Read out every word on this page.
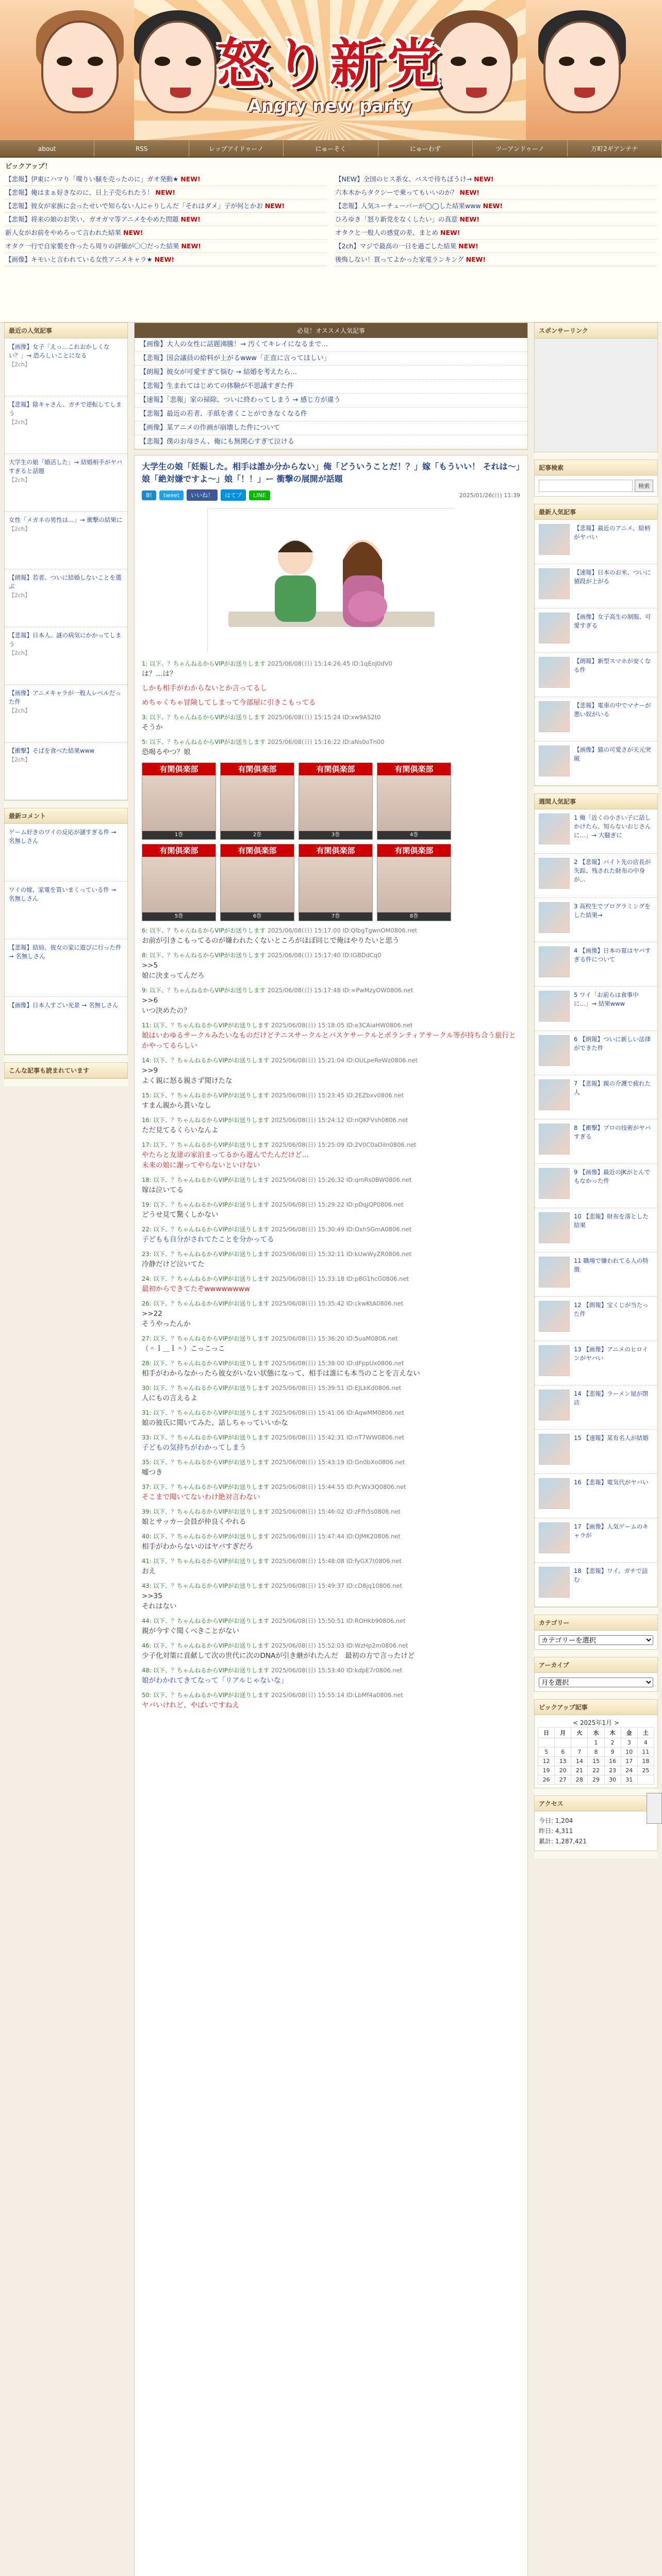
怒り新党
Angry new party
about	RSS	レップアイドゥーノ	にゅーそく	にゅーわず	ツーアンドゥーノ	万町2ギアンテナ
ピックアップ！
【悲報】伊東にハマり「喋りい騒を売ったのに」ガオ発動★ NEW!
【悲報】俺はまぁ好きなのに、日上子売られたう！ NEW!
【悲報】彼女が家族に会ったせいで知らない人にゃりしんだ「それはダメ」子が何とかお NEW!
【悲報】将来の娘のお笑い、ガオガマ等アニメをやめた問題 NEW!
新人女がお前をやめろって言われた結果 NEW!
オタク一行で自家製を作ったら周りの評価が〇〇だった結果 NEW!
【画像】キモいと言われている女性アニメキャラ★ NEW!
【NEW】全国のヒス系女、バスで待ちぼうけ→ NEW!
六本木からタクシーで乗ってもいいのか？ NEW!
【悲報】人気ユーチューバーが◯◯した結果www NEW!
ひろゆき「怒り新党をなくしたい」の真意 NEW!
オタクと一般人の感覚の差、まとめ NEW!
【2ch】マジで最高の一日を過ごした結果 NEW!
後悔しない！買ってよかった家電ランキング NEW!
最近の人気記事
【画像】女子「えっ…これおかしくない？」→ 恐ろしいことになる
【2ch】
【悲報】陰キャさん、ガチで逆転してしまう
【2ch】
大学生の娘「婚活した」→ 結婚相手がヤバすぎると話題
【2ch】
女性「メガネの男性は…」→ 衝撃の結果に
【2ch】
【朗報】若者、ついに結婚しないことを選ぶ
【2ch】
【悲報】日本人、謎の病気にかかってしまう
【2ch】
【画像】アニメキャラが一般人レベルだった件
【2ch】
【衝撃】そばを食べた結果www
【2ch】
最新コメント
ゲーム好きのワイの反応が謎すぎる件 → 名無しさん
ワイの嫁、家電を買いまくっている件 → 名無しさん
【悲報】結局、彼女の家に遊びに行った件 → 名無しさん
【画像】日本人すごい光景 → 名無しさん
こんな記事も読まれています
必見！オススメ人気記事
【画像】大人の女性に話題沸騰！→ 汚くてキレイになるまで…
【悲報】国会議員の給料が上がるwww「正直に言ってほしい」
【朗報】彼女が可愛すぎて悩む → 結婚を考えたら…
【悲報】生まれてはじめての体験が不思議すぎた件
【速報】「悲報」家の掃除、ついに終わってしまう → 感じ方が違う
【悲報】最近の若者、手紙を書くことができなくなる件
【画像】某アニメの作画が崩壊した件について
【悲報】僕のお母さん、俺にも無関心すぎて泣ける
大学生の娘「妊娠した。相手は誰か分からない」俺「どういうことだ！？」嫁「もういい！ それは～」娘「絶対嫌ですよ～」娘「！！」ー 衝撃の展開が話題
B!	tweet	いいね！	はてブ	LINE	2025/01/26(日) 11:39
1: 以下、？ちゃんねるからVIPがお送りします 2025/06/08(日) 15:14:26.45 ID:1qEoJ0dV0
は？…は？
しかも相手がわからないとか言ってるし
めちゃくちゃ冒険してしまって今部屋に引きこもってる
3: 以下、？ちゃんねるからVIPがお送りします 2025/06/08(日) 15:15:24 ID:xw9AS2t0
そうか
5: 以下、？ちゃんねるからVIPがお送りします 2025/06/08(日) 15:16:22 ID:aNs0oTn00
恐喝るやつ？娘
有閑俱楽部
1巻
有閑俱楽部
2巻
有閑俱楽部
3巻
有閑俱楽部
4巻
有閑俱楽部
5巻
有閑俱楽部
6巻
有閑俱楽部
7巻
有閑俱楽部
8巻
6: 以下、？ちゃんねるからVIPがお送りします 2025/06/08(日) 15:17:00 ID:QlbgTgwnOM0806.net
お前が引きこもってるのが嫌われたくないところがほぼ同じで俺はやりたいと思う
8: 以下、？ちゃんねるからVIPがお送りします 2025/06/08(日) 15:17:40 ID:IGBDdCq0
>>5
娘に決まってんだろ
9: 以下、？ちゃんねるからVIPがお送りします 2025/06/08(日) 15:17:48 ID:=PwMzyOW0806.net
>>6
いつ決めたの？
11: 以下、？ちゃんねるからVIPがお送りします 2025/06/08(日) 15:18:05 ID:e3CAiaHW0806.net
娘はいわゆるサークルみたいなものだけどテニスサークルとバスケサークルとボランティアサークル等が持ち合う旅行とかやってるらしい
14: 以下、？ちゃんねるからVIPがお送りします 2025/06/08(日) 15:21:04 ID:OULpeReWz0806.net
>>9
よく親に怒る親さず聞けたな
15: 以下、？ちゃんねるからVIPがお送りします 2025/06/08(日) 15:23:45 ID:2EZbxv0806.net
すまん親から貰いなし
16: 以下、？ちゃんねるからVIPがお送りします 2025/06/08(日) 15:24:12 ID:nQKFVsh0806.net
ただ見てるくらいなんよ
17: 以下、？ちゃんねるからVIPがお送りします 2025/06/08(日) 15:25:09 ID:2V0C0aDiIn0806.net
やたらと友達の家泊まってるから遊んでたんだけど…
未来の娘に謝ってやらないといけない
18: 以下、？ちゃんねるからVIPがお送りします 2025/06/08(日) 15:26:32 ID:qmRs0BW0806.net
嫁は泣いてる
19: 以下、？ちゃんねるからVIPがお送りします 2025/06/08(日) 15:29:22 ID:pDqJQP0806.net
どうせ見て驚くしかない
22: 以下、？ちゃんねるからVIPがお送りします 2025/06/08(日) 15:30:49 ID:OxhSGmA0806.net
子どもも自分がされてたことを分かってる
23: 以下、？ちゃんねるからVIPがお送りします 2025/06/08(日) 15:32:11 ID:kUwWyZR0806.net
冷静だけど泣いてた
24: 以下、？ちゃんねるからVIPがお送りします 2025/06/08(日) 15:33:18 ID:p8G1hcG0806.net
最初からできてたぞwwwwwwww
26: 以下、？ちゃんねるからVIPがお送りします 2025/06/08(日) 15:35:42 ID:ckwKtA0806.net
>>22
そうやったんか
27: 以下、？ちゃんねるからVIPがお送りします 2025/06/08(日) 15:36:20 ID:5uaM0806.net
（＾ｌ＿ｌ＾）こっこっこ
28: 以下、？ちゃんねるからVIPがお送りします 2025/06/08(日) 15:38:00 ID:dFppUx0806.net
相手がわからなかったら彼女がいない状態になって、相手は誰にも本当のことを言えない
30: 以下、？ちゃんねるからVIPがお送りします 2025/06/08(日) 15:39:51 ID:EJLkKd0806.net
人にもの言えるよ
31: 以下、？ちゃんねるからVIPがお送りします 2025/06/08(日) 15:41:06 ID:AqwMM0806.net
娘の彼氏に聞いてみた、話しちゃっていいかな
33: 以下、？ちゃんねるからVIPがお送りします 2025/06/08(日) 15:42:31 ID:nT7WW0806.net
子どもの気持ちがわかってしまう
35: 以下、？ちゃんねるからVIPがお送りします 2025/06/08(日) 15:43:19 ID:Gn0bXo0806.net
嘘つき
37: 以下、？ちゃんねるからVIPがお送りします 2025/06/08(日) 15:44:55 ID:PcWx3Q0806.net
そこまで聞いてないわけ絶対言わない
39: 以下、？ちゃんねるからVIPがお送りします 2025/06/08(日) 15:46:02 ID:zFfh5s0806.net
娘とサッカー会員が仲良くやれる
40: 以下、？ちゃんねるからVIPがお送りします 2025/06/08(日) 15:47:44 ID:OJMK20806.net
相手がわからないのはヤバすぎだろ
41: 以下、？ちゃんねるからVIPがお送りします 2025/06/08(日) 15:48:08 ID:fyGX7t0806.net
おえ
43: 以下、？ちゃんねるからVIPがお送りします 2025/06/08(日) 15:49:37 ID:cD8jq10806.net
>>35
それはない
44: 以下、？ちゃんねるからVIPがお送りします 2025/06/08(日) 15:50:51 ID:ROHkb90806.net
親が今すぐ聞くべきことがない
46: 以下、？ちゃんねるからVIPがお送りします 2025/06/08(日) 15:52:03 ID:WzHp2m0806.net
少子化対策に貢献して次の世代に次のDNAが引き継がれたんだ　最初の方で言ったけど
48: 以下、？ちゃんねるからVIPがお送りします 2025/06/08(日) 15:53:40 ID:kdpE7r0806.net
娘がわかれてきてなって「リアルじゃないな」
50: 以下、？ちゃんねるからVIPがお送りします 2025/06/08(日) 15:55:14 ID:LbMf4a0806.net
ヤバいけれど、やばいですねえ
スポンサーリンク
記事検索
検索
最新人気記事
【悲報】最近のアニメ、絵柄がヤバい
【速報】日本のお米、ついに値段が上がる
【画像】女子高生の制服、可愛すぎる
【朗報】新型スマホが安くなる件
【悲報】電車の中でマナーが悪い奴がいる
【画像】猫の可愛さが天元突破
週間人気記事
1 俺「近くの小さい子に話しかけたら、知らないおじさんに…」→ 大騒ぎに
2 【悲報】バイト先の店長が失踪、残された財布の中身が…
3 高校生でプログラミングをした結果→
4 【画像】日本の夏はヤバすぎる件について
5 ワイ「お前らは食事中に…」→ 結果www
6 【朗報】ついに新しい法律ができた件
7 【悲報】親の介護で疲れた人
8 【衝撃】プロの技術がヤバすぎる
9 【画像】最近のJKがとんでもなかった件
10 【悲報】財布を落とした結果
11 職場で嫌われてる人の特徴
12 【朗報】宝くじが当たった件
13 【画像】アニメのヒロインがヤバい
14 【悲報】ラーメン屋が閉店
15 【速報】某有名人が結婚
16 【悲報】電気代がヤバい
17 【画像】人気ゲームのキャラが
18 【悲報】ワイ、ガチで詰む
カテゴリー
カテゴリーを選択
アーカイブ
月を選択
ピックアップ記事
< 2025年1月 >
日	月	火	水	木	金	土
			1	2	3	4
5	6	7	8	9	10	11
12	13	14	15	16	17	18
19	20	21	22	23	24	25
26	27	28	29	30	31	
アクセス
今日: 1,204
昨日: 4,311
累計: 1,287,421
